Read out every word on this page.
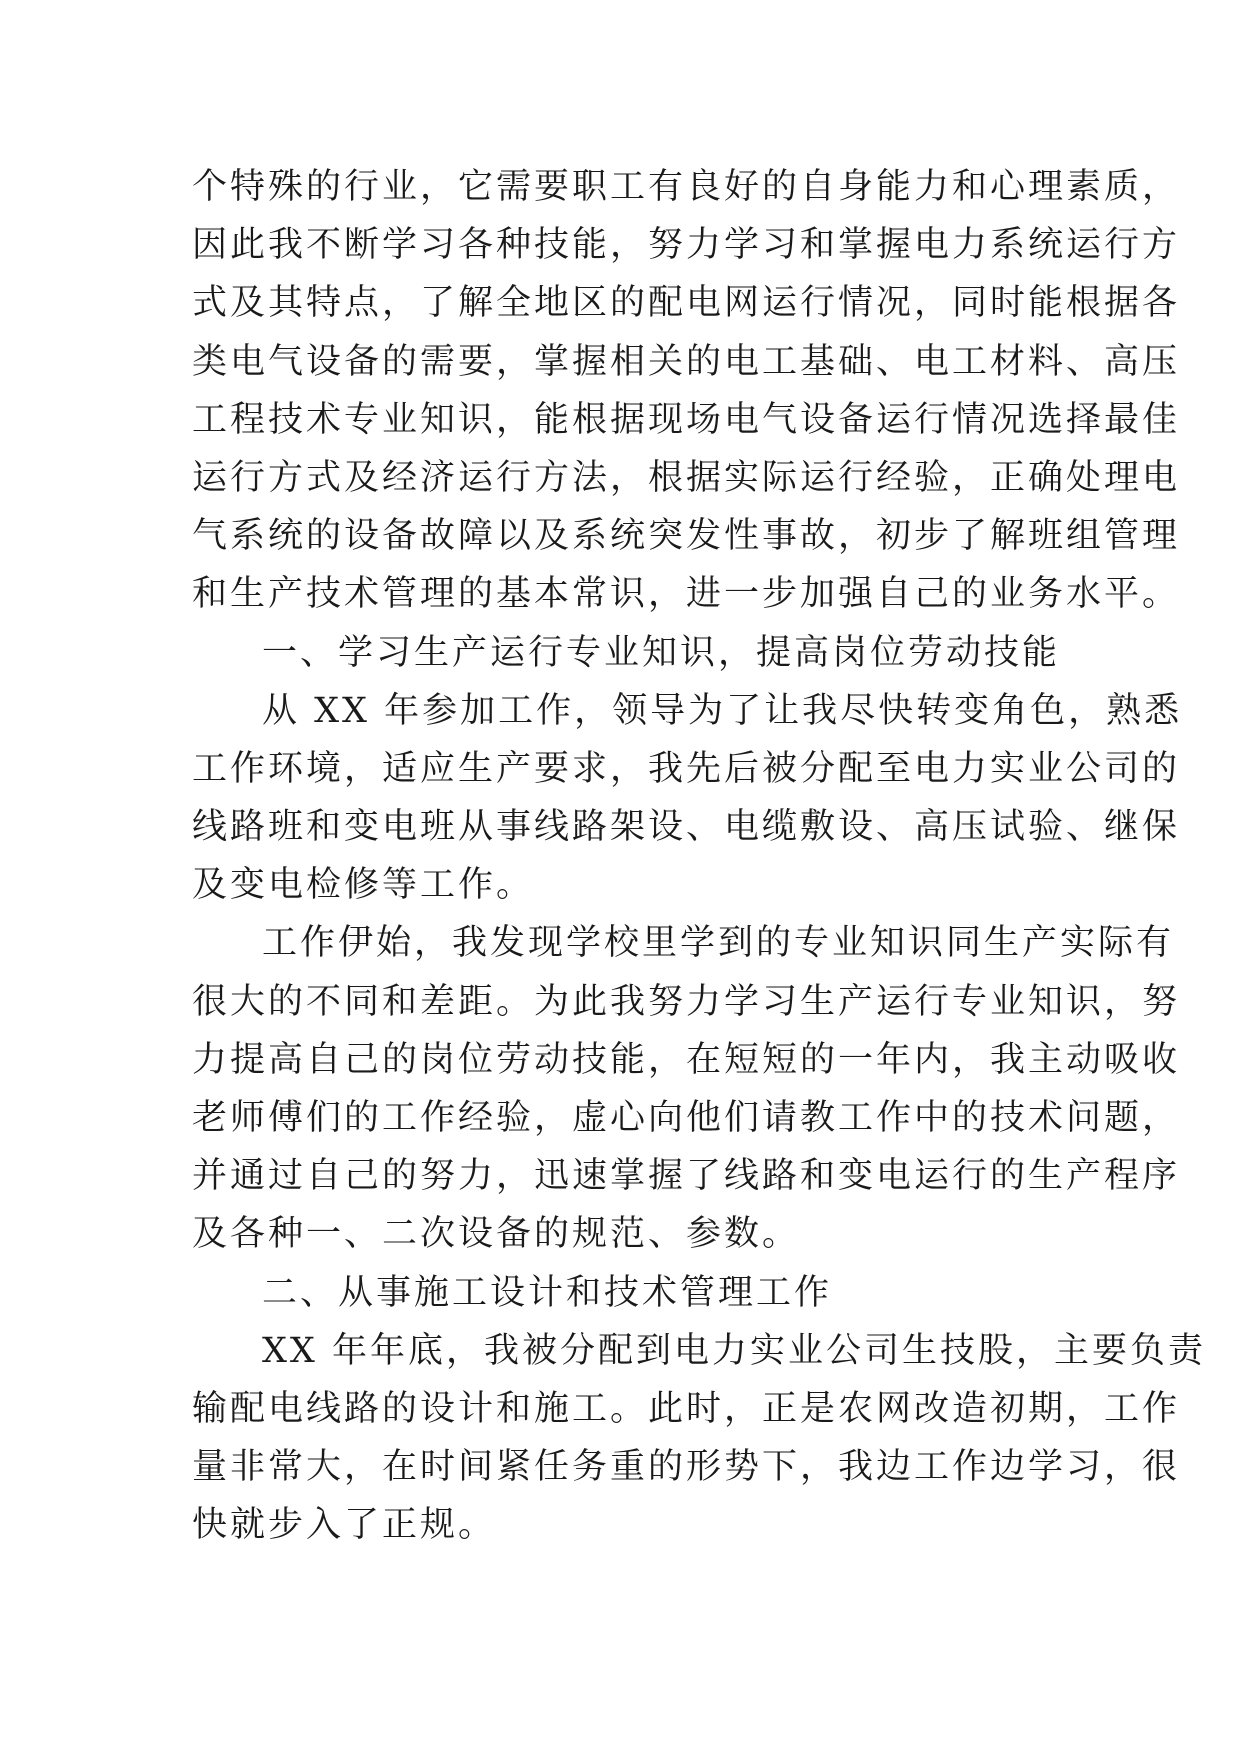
个特殊的行业，它需要职工有良好的自身能力和心理素质，
因此我不断学习各种技能，努力学习和掌握电力系统运行方
式及其特点，了解全地区的配电网运行情况，同时能根据各
类电气设备的需要，掌握相关的电工基础、电工材料、高压
工程技术专业知识，能根据现场电气设备运行情况选择最佳
运行方式及经济运行方法，根据实际运行经验，正确处理电
气系统的设备故障以及系统突发性事故，初步了解班组管理
和生产技术管理的基本常识，进一步加强自己的业务水平。
一、学习生产运行专业知识，提高岗位劳动技能
从 XX 年参加工作，领导为了让我尽快转变角色，熟悉
工作环境，适应生产要求，我先后被分配至电力实业公司的
线路班和变电班从事线路架设、电缆敷设、高压试验、继保
及变电检修等工作。
工作伊始，我发现学校里学到的专业知识同生产实际有
很大的不同和差距。为此我努力学习生产运行专业知识，努
力提高自己的岗位劳动技能，在短短的一年内，我主动吸收
老师傅们的工作经验，虚心向他们请教工作中的技术问题，
并通过自己的努力，迅速掌握了线路和变电运行的生产程序
及各种一、二次设备的规范、参数。
二、从事施工设计和技术管理工作
XX 年年底，我被分配到电力实业公司生技股，主要负责
输配电线路的设计和施工。此时，正是农网改造初期，工作
量非常大，在时间紧任务重的形势下，我边工作边学习，很
快就步入了正规。
